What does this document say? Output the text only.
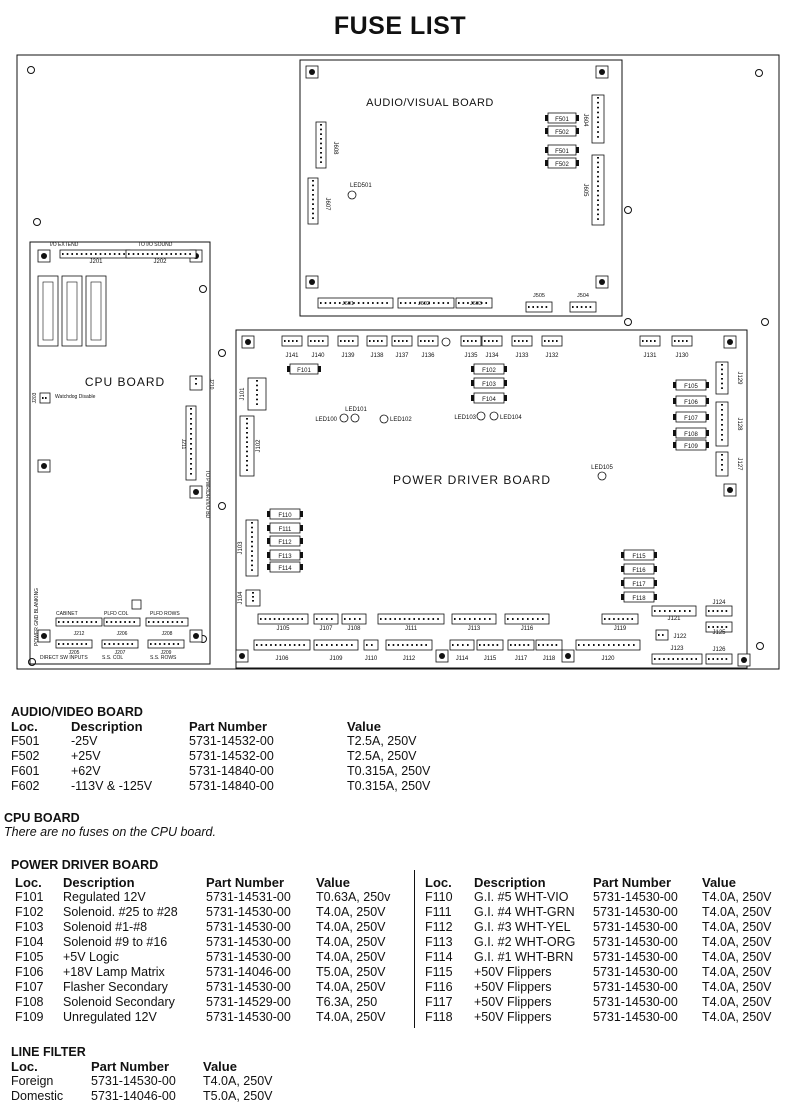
FUSE LIST
J608
J607
J604
J605
F501
F502
F501
F502
J601	J602	J603
J505	J504
J201	J202
J203
J210
J211
J212	J206	J208
J205	J207	J209
J141 J140	J139	J138 J137 J136	J135 J134	J133	J132	J131	J130
F101
J101
J102
J103
J104
F102
F103
F104
F105
F106
F107
F108
F109
J129
J128
J127
LED100
LED101
LED102	LED103	LED104
LED105
F110
F111
F112
F113
F114
F115
F116
F117
F118
J105	J107 J108	J111	J113	J116	J119
J121
J124
J125
J106	J109	J110	J112	J114	J115	J117	J118	J120
J122
J123	J126
AUDIO/VISUAL BOARD
CPU BOARD
POWER DRIVER BOARD
LED501
I/O EXTEND	TO I/O SOUND
Watchdog Disable
CABINET	PLFD COL	PLFD ROWS
DIRECT SW INPUTS	S.S. COL	S.S. ROWS
TO PWR/DRV/I/O BD
POWER GND BLANKING
AUDIO/VIDEO BOARD
Loc.	Description	Part Number	Value
F501	-25V	5731-14532-00	T2.5A, 250V
F502	+25V	5731-14532-00	T2.5A, 250V
F601	+62V	5731-14840-00	T0.315A, 250V
F602	-113V & -125V	5731-14840-00	T0.315A, 250V
CPU BOARD
There are no fuses on the CPU board.
POWER DRIVER BOARD
Loc.	Description	Part Number	Value
F101	Regulated 12V	5731-14531-00	T0.63A, 250v
F102	Solenoid. #25 to #28	5731-14530-00	T4.0A, 250V
F103	Solenoid #1-#8	5731-14530-00	T4.0A, 250V
F104	Solenoid #9 to #16	5731-14530-00	T4.0A, 250V
F105	+5V Logic	5731-14530-00	T4.0A, 250V
F106	+18V Lamp Matrix	5731-14046-00	T5.0A, 250V
F107	Flasher Secondary	5731-14530-00	T4.0A, 250V
F108	Solenoid Secondary	5731-14529-00	T6.3A, 250
F109	Unregulated 12V	5731-14530-00	T4.0A, 250V
Loc.	Description	Part Number	Value
F110	G.I. #5 WHT-VIO	5731-14530-00	T4.0A, 250V
F111	G.I. #4 WHT-GRN	5731-14530-00	T4.0A, 250V
F112	G.I. #3 WHT-YEL	5731-14530-00	T4.0A, 250V
F113	G.I. #2 WHT-ORG	5731-14530-00	T4.0A, 250V
F114	G.I. #1 WHT-BRN	5731-14530-00	T4.0A, 250V
F115	+50V Flippers	5731-14530-00	T4.0A, 250V
F116	+50V Flippers	5731-14530-00	T4.0A, 250V
F117	+50V Flippers	5731-14530-00	T4.0A, 250V
F118	+50V Flippers	5731-14530-00	T4.0A, 250V
LINE FILTER
Loc.	Part Number	Value
Foreign	5731-14530-00	T4.0A, 250V
Domestic	5731-14046-00	T5.0A, 250V
